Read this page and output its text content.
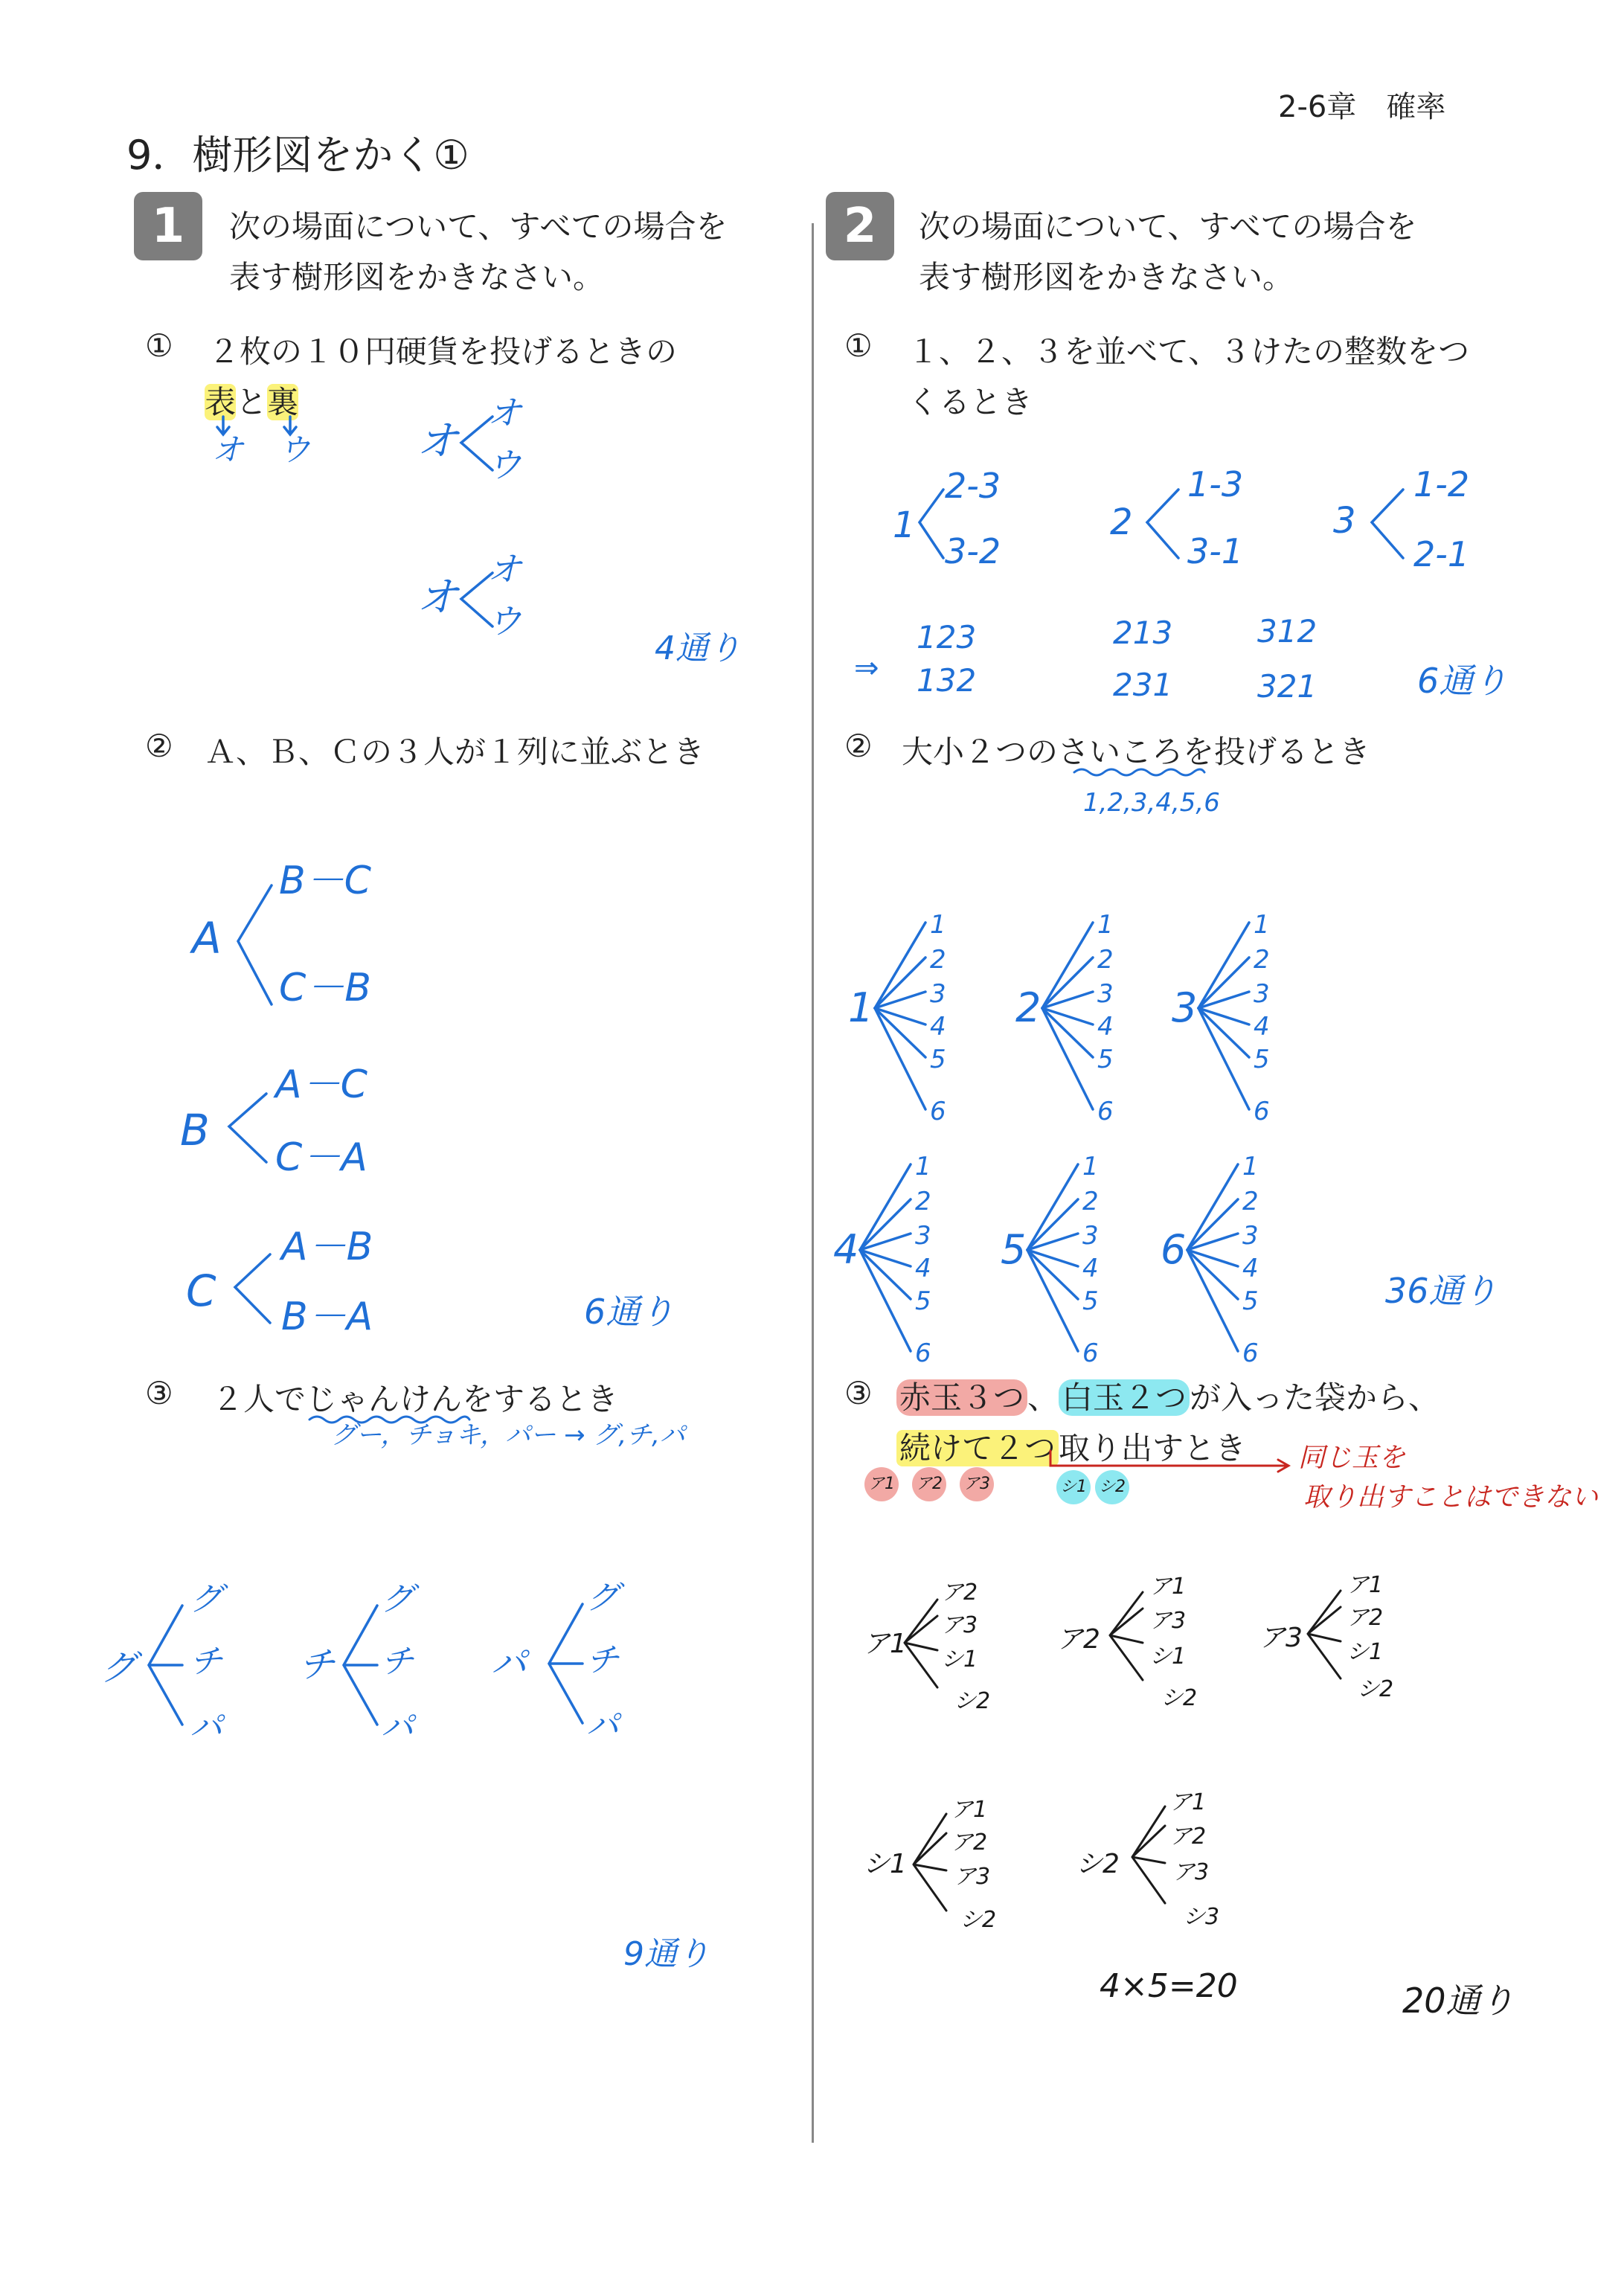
2-6章　確率
9．樹形図をかく①
1	次の場面について、すべての場合を
表す樹形図をかきなさい。
① ２枚の１０円硬貨を投げるときの
表と裏
オ ウ	オ
オ
ウ
オ
オ
ウ
4通り
② Ａ、Ｂ、Ｃの３人が１列に並ぶとき
A
B－C
C－B
B
A－C
C－A
C
A－B
B－A	6通り
③ ２人でじゃんけんをするとき
グー，チョキ，パー → グ,チ,パ
グ
グ
チ
パ
チ
グ
チ
パ
パ
グ
チ
パ
9通り
2	次の場面について、すべての場合を
表す樹形図をかきなさい。
① １、２、３を並べて、３けたの整数をつ
くるとき
1
2-3
3-2
2
1-3
3-1
3
1-2
2-1
⇒
123
132
213
231
312
321	6通り
② 大小２つのさいころを投げるとき
1,2,3,4,5,6
1
1
2
3
4
5
6
2
1
2
3
4
5
6
3
1
2
3
4
5
6
4
1
2
3
4
5
6
5
1
2
3
4
5
6
6
1
2
3
4
5
6
36通り
③ 赤玉３つ、白玉２つが入った袋から、
続けて２つ取り出すとき 同じ玉を
取り出すことはできない
ア1 ア2 ア3	シ1 シ2
ア1
ア2
ア3
シ1
シ2
ア2
ア1
ア3
シ1
シ2
ア3
ア1
ア2
シ1
シ2
シ1
ア1
ア2
ア3
シ2
シ2
ア1
ア2
ア3
シ3
4×5=20	20通り
